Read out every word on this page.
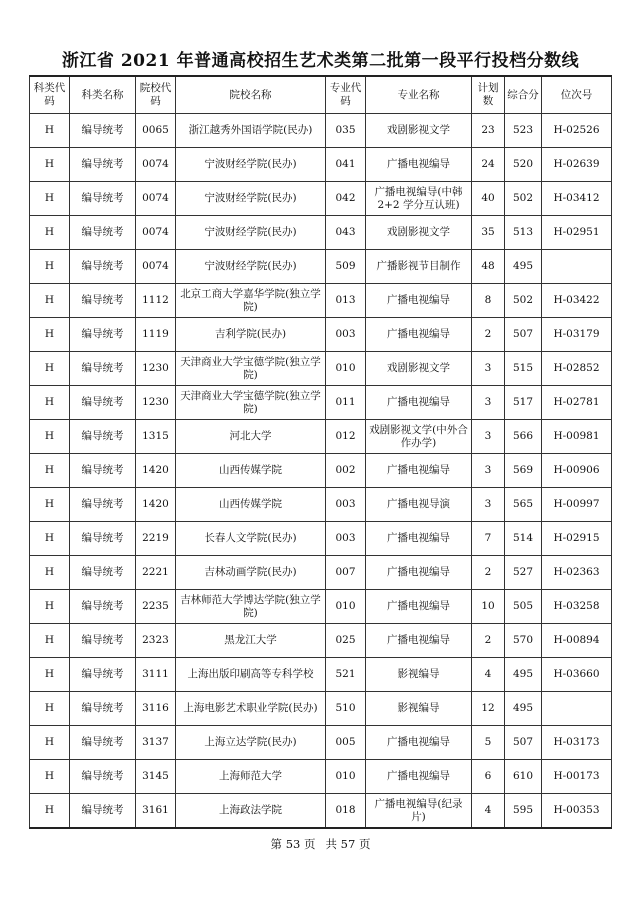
浙江省 2021 年普通高校招生艺术类第二批第一段平行投档分数线
科类代码	科类名称	院校代码	院校名称	专业代码	专业名称	计划数	综合分	位次号
H	编导统考	0065	浙江越秀外国语学院(民办)	035	戏剧影视文学	23	523	H-02526
H	编导统考	0074	宁波财经学院(民办)	041	广播电视编导	24	520	H-02639
H	编导统考	0074	宁波财经学院(民办)	042	广播电视编导(中韩 2+2 学分互认班)	40	502	H-03412
H	编导统考	0074	宁波财经学院(民办)	043	戏剧影视文学	35	513	H-02951
H	编导统考	0074	宁波财经学院(民办)	509	广播影视节目制作	48	495	
H	编导统考	1112	北京工商大学嘉华学院(独立学院)	013	广播电视编导	8	502	H-03422
H	编导统考	1119	吉利学院(民办)	003	广播电视编导	2	507	H-03179
H	编导统考	1230	天津商业大学宝德学院(独立学院)	010	戏剧影视文学	3	515	H-02852
H	编导统考	1230	天津商业大学宝德学院(独立学院)	011	广播电视编导	3	517	H-02781
H	编导统考	1315	河北大学	012	戏剧影视文学(中外合作办学)	3	566	H-00981
H	编导统考	1420	山西传媒学院	002	广播电视编导	3	569	H-00906
H	编导统考	1420	山西传媒学院	003	广播电视导演	3	565	H-00997
H	编导统考	2219	长春人文学院(民办)	003	广播电视编导	7	514	H-02915
H	编导统考	2221	吉林动画学院(民办)	007	广播电视编导	2	527	H-02363
H	编导统考	2235	吉林师范大学博达学院(独立学院)	010	广播电视编导	10	505	H-03258
H	编导统考	2323	黑龙江大学	025	广播电视编导	2	570	H-00894
H	编导统考	3111	上海出版印刷高等专科学校	521	影视编导	4	495	H-03660
H	编导统考	3116	上海电影艺术职业学院(民办)	510	影视编导	12	495	
H	编导统考	3137	上海立达学院(民办)	005	广播电视编导	5	507	H-03173
H	编导统考	3145	上海师范大学	010	广播电视编导	6	610	H-00173
H	编导统考	3161	上海政法学院	018	广播电视编导(纪录片)	4	595	H-00353
第 53 页 共 57 页
